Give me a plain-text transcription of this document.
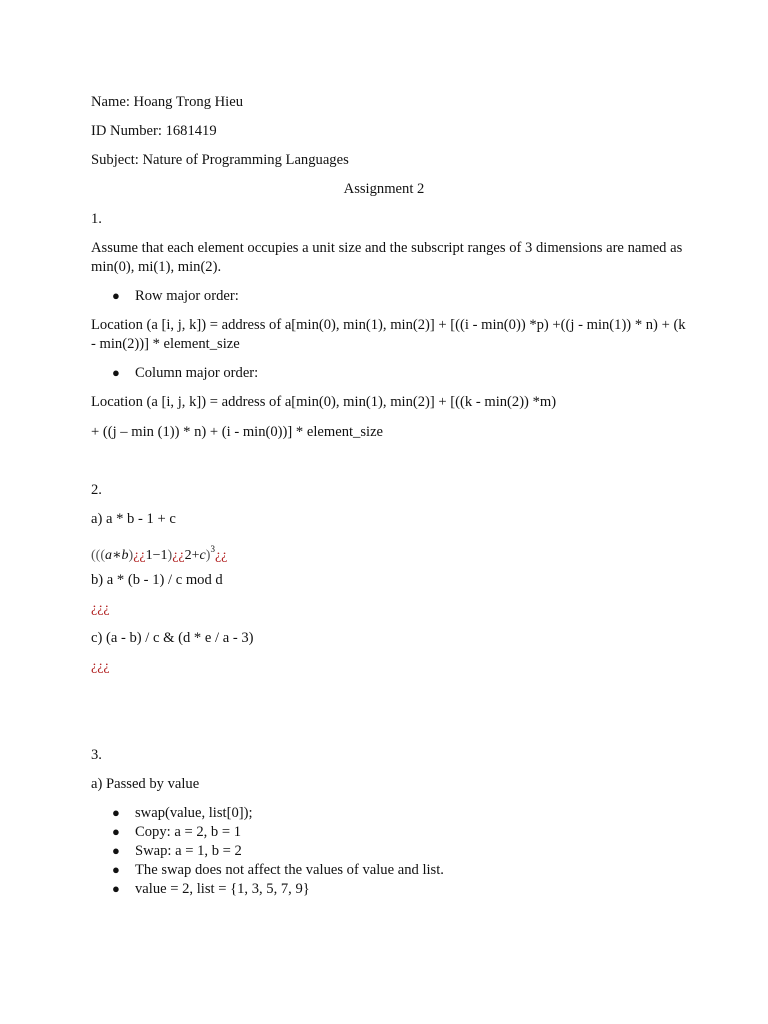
Name: Hoang Trong Hieu
ID Number: 1681419
Subject: Nature of Programming Languages
Assignment 2
1.
Assume that each element occupies a unit size and the subscript ranges of 3 dimensions are named as min(0), mi(1), min(2).
● Row major order:
Location (a [i, j, k]) = address of a[min(0), min(1), min(2)] + [((i - min(0)) *p) +((j - min(1)) * n) + (k - min(2))] * element_size
● Column major order:
Location (a [i, j, k]) = address of a[min(0), min(1), min(2)] + [((k - min(2)) *m)
+ ((j – min (1)) * n) + (i - min(0))] * element_size
2.
a) a * b - 1 + c
(((a∗b)¿¿1−1)¿¿2+c)$^3$¿¿
b) a * (b - 1) / c mod d
¿¿¿
c) (a - b) / c & (d * e / a - 3)
¿¿¿
3.
a) Passed by value
● swap(value, list[0]);
● Copy: a = 2, b = 1
● Swap: a = 1, b = 2
● The swap does not affect the values of value and list.
● value = 2, list = {1, 3, 5, 7, 9}
